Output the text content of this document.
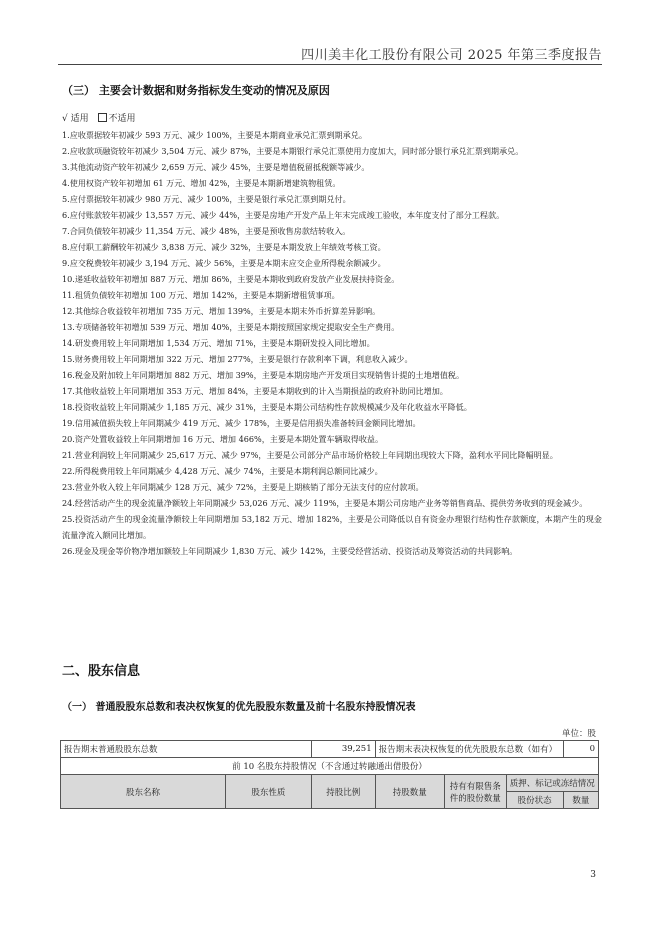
四川美丰化工股份有限公司 2025 年第三季度报告
（三） 主要会计数据和财务指标发生变动的情况及原因
√ 适用 不适用
1.应收票据较年初减少 593 万元、减少 100%，主要是本期商业承兑汇票到期承兑。
2.应收款项融资较年初减少 3,504 万元、减少 87%，主要是本期银行承兑汇票使用力度加大，同时部分银行承兑汇票到期承兑。
3.其他流动资产较年初减少 2,659 万元、减少 45%，主要是增值税留抵税额等减少。
4.使用权资产较年初增加 61 万元、增加 42%，主要是本期新增建筑物租赁。
5.应付票据较年初减少 980 万元、减少 100%，主要是银行承兑汇票到期兑付。
6.应付账款较年初减少 13,557 万元、减少 44%，主要是房地产开发产品上年末完成竣工验收，本年度支付了部分工程款。
7.合同负债较年初减少 11,354 万元、减少 48%，主要是预收售房款结转收入。
8.应付职工薪酬较年初减少 3,838 万元、减少 32%，主要是本期发放上年绩效考核工资。
9.应交税费较年初减少 3,194 万元、减少 56%，主要是本期末应交企业所得税余额减少。
10.递延收益较年初增加 887 万元、增加 86%，主要是本期收到政府发放产业发展扶持资金。
11.租赁负债较年初增加 100 万元、增加 142%，主要是本期新增租赁事项。
12.其他综合收益较年初增加 735 万元、增加 139%，主要是本期末外币折算差异影响。
13.专项储备较年初增加 539 万元、增加 40%，主要是本期按照国家规定提取安全生产费用。
14.研发费用较上年同期增加 1,534 万元、增加 71%，主要是本期研发投入同比增加。
15.财务费用较上年同期增加 322 万元、增加 277%，主要是银行存款利率下调，利息收入减少。
16.税金及附加较上年同期增加 882 万元、增加 39%，主要是本期房地产开发项目实现销售计提的土地增值税。
17.其他收益较上年同期增加 353 万元、增加 84%，主要是本期收到的计入当期损益的政府补助同比增加。
18.投资收益较上年同期减少 1,185 万元、减少 31%，主要是本期公司结构性存款规模减少及年化收益水平降低。
19.信用减值损失较上年同期减少 419 万元、减少 178%，主要是信用损失准备转回金额同比增加。
20.资产处置收益较上年同期增加 16 万元、增加 466%，主要是本期处置车辆取得收益。
21.营业利润较上年同期减少 25,617 万元、减少 97%，主要是公司部分产品市场价格较上年同期出现较大下降，盈利水平同比降幅明显。
22.所得税费用较上年同期减少 4,428 万元、减少 74%，主要是本期利润总额同比减少。
23.营业外收入较上年同期减少 128 万元、减少 72%，主要是上期核销了部分无法支付的应付款项。
24.经营活动产生的现金流量净额较上年同期减少 53,026 万元、减少 119%，主要是本期公司房地产业务等销售商品、提供劳务收到的现金减少。
25.投资活动产生的现金流量净额较上年同期增加 53,182 万元、增加 182%，主要是公司降低以自有资金办理银行结构性存款额度，本期产生的现金流量净流入额同比增加。
26.现金及现金等价物净增加额较上年同期减少 1,830 万元、减少 142%，主要受经营活动、投资活动及筹资活动的共同影响。
二、股东信息
（一） 普通股股东总数和表决权恢复的优先股股东数量及前十名股东持股情况表
单位：股
报告期末普通股股东总数		39,251	报告期末表决权恢复的优先股股东总数（如有）			0
前 10 名股东持股情况（不含通过转融通出借股份）						
股东名称	股东性质	持股比例	持股数量	持有有限售条件的股份数量	质押、标记或冻结情况	
					股份状态	数量
3
